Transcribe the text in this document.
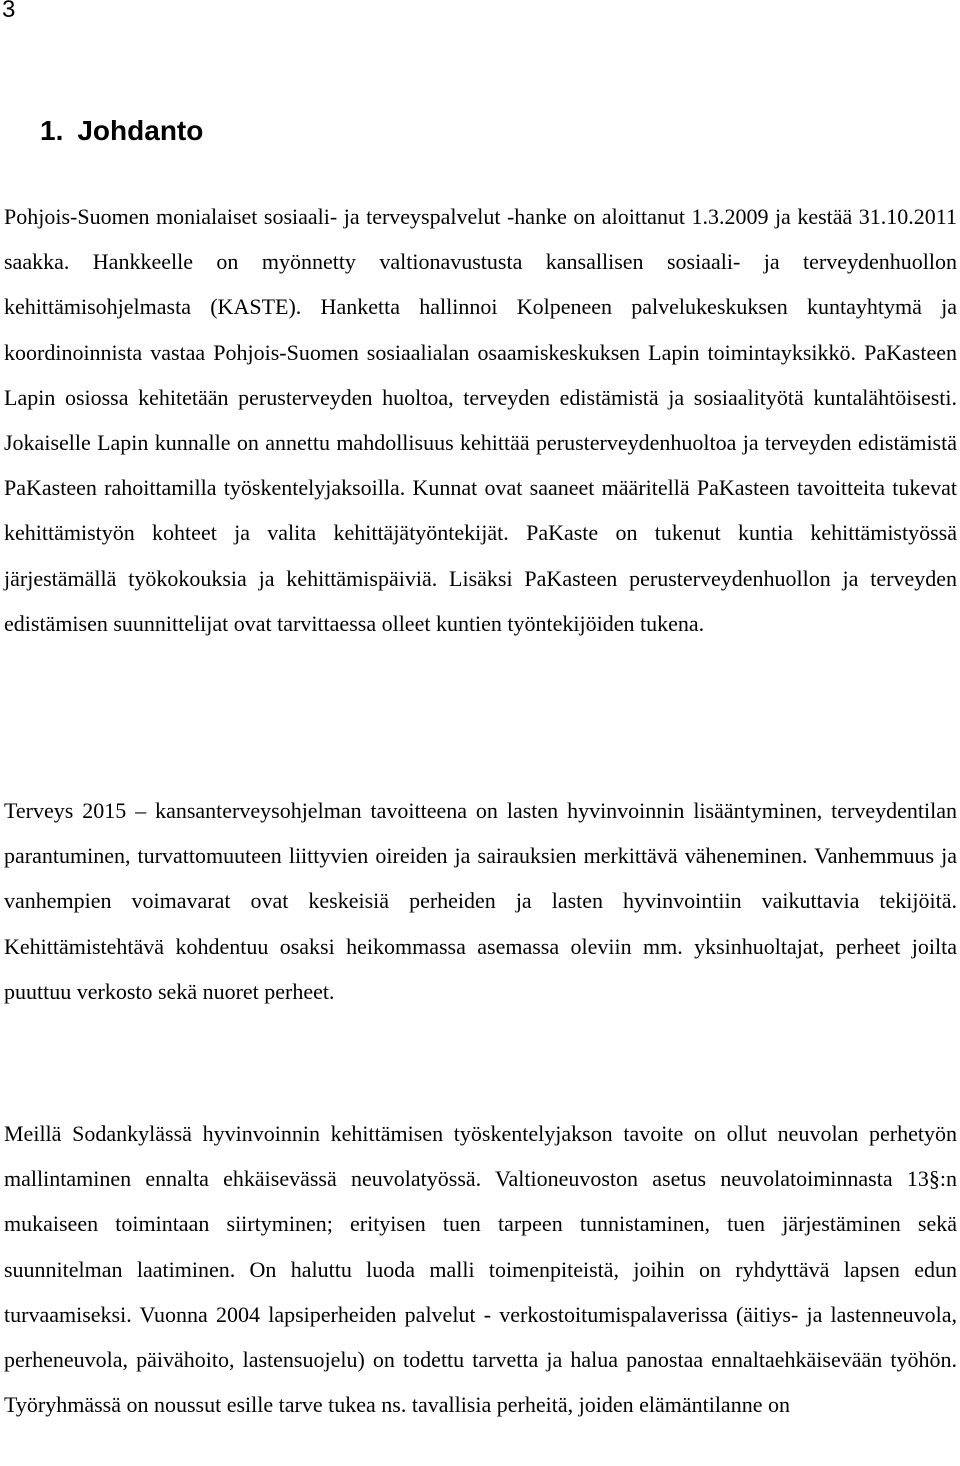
3
1. Johdanto

Pohjois-Suomen monialaiset sosiaali- ja terveyspalvelut -hanke on aloittanut 1.3.2009 ja kestää 31.10.2011 saakka. Hankkeelle on myönnetty valtionavustusta kansallisen sosiaali- ja terveydenhuollon kehittämisohjelmasta (KASTE). Hanketta hallinnoi Kolpeneen palvelukeskuksen kuntayhtymä ja koordinoinnista vastaa Pohjois-Suomen sosiaalialan osaamiskeskuksen Lapin toimintayksikkö. PaKasteen Lapin osiossa kehitetään perusterveyden huoltoa, terveyden edistämistä ja sosiaalityötä kuntalähtöisesti. Jokaiselle Lapin kunnalle on annettu mahdollisuus kehittää perusterveydenhuoltoa ja terveyden edistämistä PaKasteen rahoittamilla työskentelyjaksoilla. Kunnat ovat saaneet määritellä PaKasteen tavoitteita tukevat kehittämistyön kohteet ja valita kehittäjätyöntekijät. PaKaste on tukenut kuntia kehittämistyössä järjestämällä työkokouksia ja kehittämispäiviä. Lisäksi PaKasteen perusterveydenhuollon ja terveyden edistämisen suunnittelijat ovat tarvittaessa olleet kuntien työntekijöiden tukena.

Terveys 2015 – kansanterveysohjelman tavoitteena on lasten hyvinvoinnin lisääntyminen, terveydentilan parantuminen, turvattomuuteen liittyvien oireiden ja sairauksien merkittävä väheneminen. Vanhemmuus ja vanhempien voimavarat ovat keskeisiä perheiden ja lasten hyvinvointiin vaikuttavia tekijöitä. Kehittämistehtävä kohdentuu osaksi heikommassa asemassa oleviin mm. yksinhuoltajat, perheet joilta puuttuu verkosto sekä nuoret perheet.

Meillä Sodankylässä hyvinvoinnin kehittämisen työskentelyjakson tavoite on ollut neuvolan perhetyön mallintaminen ennalta ehkäisevässä neuvolatyössä. Valtioneuvoston asetus neuvolatoiminnasta 13§:n mukaiseen toimintaan siirtyminen; erityisen tuen tarpeen tunnistaminen, tuen järjestäminen sekä suunnitelman laatiminen. On haluttu luoda malli toimenpiteistä, joihin on ryhdyttävä lapsen edun turvaamiseksi. Vuonna 2004 lapsiperheiden palvelut - verkostoitumispalaverissa (äitiys- ja lastenneuvola, perheneuvola, päivähoito, lastensuojelu) on todettu tarvetta ja halua panostaa ennaltaehkäisevään työhön. Työryhmässä on noussut esille tarve tukea ns. tavallisia perheitä, joiden elämäntilanne on
